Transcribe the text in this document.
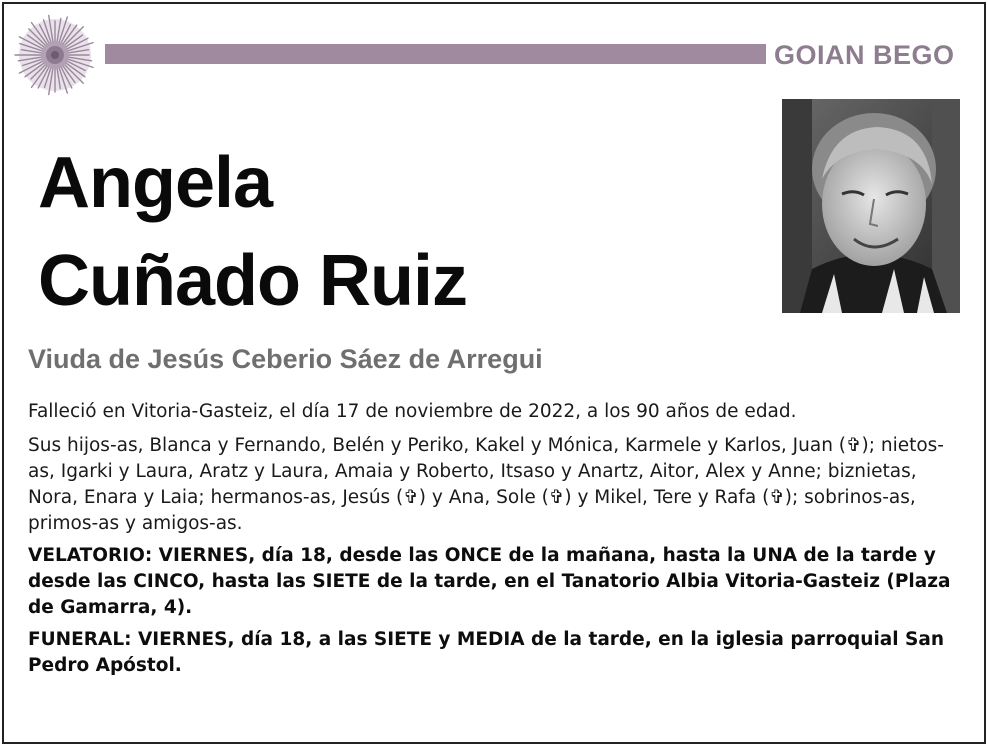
GOIAN BEGO
Angela
Cuñado Ruiz
Viuda de Jesús Ceberio Sáez de Arregui

Falleció en Vitoria-Gasteiz, el día 17 de noviembre de 2022, a los 90 años de edad.

Sus hijos-as, Blanca y Fernando, Belén y Periko, Kakel y Mónica, Karmele y Karlos, Juan (✞); nietos-as, Igarki y Laura, Aratz y Laura, Amaia y Roberto, Itsaso y Anartz, Aitor, Alex y Anne; biznietas, Nora, Enara y Laia; hermanos-as, Jesús (✞) y Ana, Sole (✞) y Mikel, Tere y Rafa (✞); sobrinos-as, primos-as y amigos-as.

VELATORIO: VIERNES, día 18, desde las ONCE de la mañana, hasta la UNA de la tarde y desde las CINCO, hasta las SIETE de la tarde, en el Tanatorio Albia Vitoria-Gasteiz (Plaza de Gamarra, 4).

FUNERAL: VIERNES, día 18, a las SIETE y MEDIA de la tarde, en la iglesia parroquial San Pedro Apóstol.
